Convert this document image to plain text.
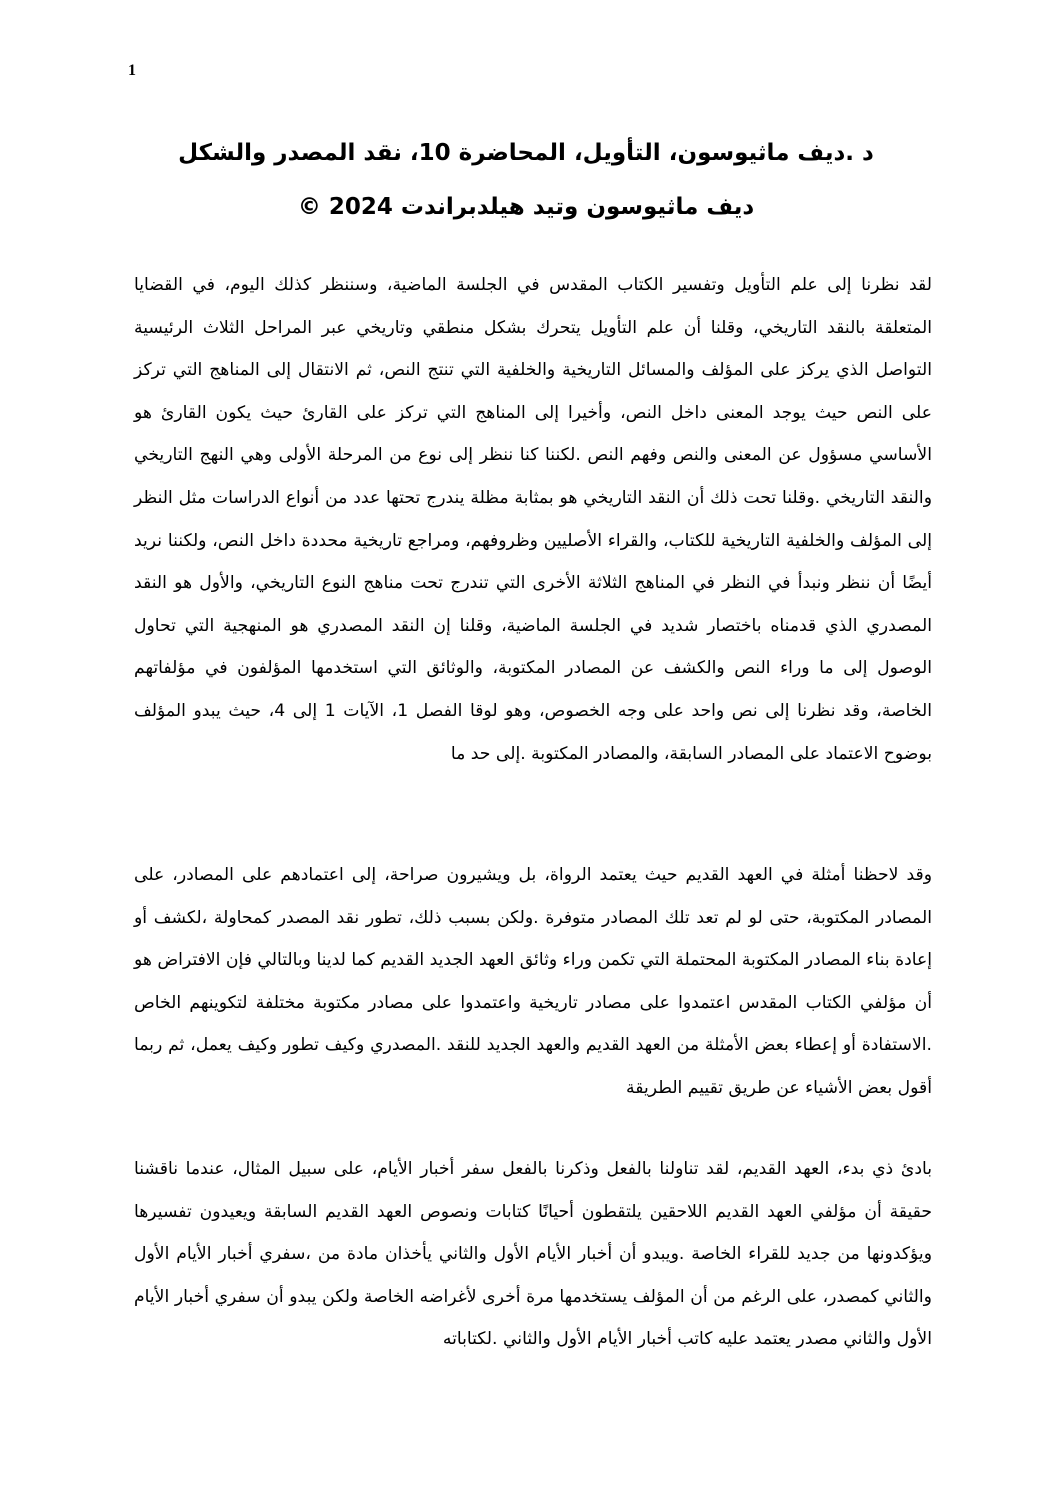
1
د .ديف ماثيوسون، التأويل، المحاضرة 10، نقد المصدر والشكل
ديف ماثيوسون وتيد هيلدبراندت 2024 ©

لقد نظرنا إلى علم التأويل وتفسير الكتاب المقدس في الجلسة الماضية، وسننظر كذلك اليوم، في القضايا المتعلقة بالنقد التاريخي، وقلنا أن علم التأويل يتحرك بشكل منطقي وتاريخي عبر المراحل الثلاث الرئيسية التواصل الذي يركز على المؤلف والمسائل التاريخية والخلفية التي تنتج النص، ثم الانتقال إلى المناهج التي تركز على النص حيث يوجد المعنى داخل النص، وأخيرا إلى المناهج التي تركز على القارئ حيث يكون القارئ هو الأساسي مسؤول عن المعنى والنص وفهم النص .لكننا كنا ننظر إلى نوع من المرحلة الأولى وهي النهج التاريخي والنقد التاريخي .وقلنا تحت ذلك أن النقد التاريخي هو بمثابة مظلة يندرج تحتها عدد من أنواع الدراسات مثل النظر إلى المؤلف والخلفية التاريخية للكتاب، والقراء الأصليين وظروفهم، ومراجع تاريخية محددة داخل النص، ولكننا نريد أيضًا أن ننظر ونبدأ في النظر في المناهج الثلاثة الأخرى التي تندرج تحت مناهج النوع التاريخي، والأول هو النقد المصدري الذي قدمناه باختصار شديد في الجلسة الماضية، وقلنا إن النقد المصدري هو المنهجية التي تحاول الوصول إلى ما وراء النص والكشف عن المصادر المكتوبة، والوثائق التي استخدمها المؤلفون في مؤلفاتهم الخاصة، وقد نظرنا إلى نص واحد على وجه الخصوص، وهو لوقا الفصل 1، الآيات 1 إلى 4، حيث يبدو المؤلف بوضوح الاعتماد على المصادر السابقة، والمصادر المكتوبة .إلى حد ما

وقد لاحظنا أمثلة في العهد القديم حيث يعتمد الرواة، بل ويشيرون صراحة، إلى اعتمادهم على المصادر، على المصادر المكتوبة، حتى لو لم تعد تلك المصادر متوفرة .ولكن بسبب ذلك، تطور نقد المصدر كمحاولة ،لكشف أو إعادة بناء المصادر المكتوبة المحتملة التي تكمن وراء وثائق العهد الجديد القديم كما لدينا وبالتالي فإن الافتراض هو أن مؤلفي الكتاب المقدس اعتمدوا على مصادر تاريخية واعتمدوا على مصادر مكتوبة مختلفة لتكوينهم الخاص .الاستفادة أو إعطاء بعض الأمثلة من العهد القديم والعهد الجديد للنقد .المصدري وكيف تطور وكيف يعمل، ثم ربما أقول بعض الأشياء عن طريق تقييم الطريقة

بادئ ذي بدء، العهد القديم، لقد تناولنا بالفعل وذكرنا بالفعل سفر أخبار الأيام، على سبيل المثال، عندما ناقشنا حقيقة أن مؤلفي العهد القديم اللاحقين يلتقطون أحيانًا كتابات ونصوص العهد القديم السابقة ويعيدون تفسيرها ويؤكدونها من جديد للقراء الخاصة .ويبدو أن أخبار الأيام الأول والثاني يأخذان مادة من ،سفري أخبار الأيام الأول والثاني كمصدر، على الرغم من أن المؤلف يستخدمها مرة أخرى لأغراضه الخاصة ولكن يبدو أن سفري أخبار الأيام الأول والثاني مصدر يعتمد عليه كاتب أخبار الأيام الأول والثاني .لكتاباته
